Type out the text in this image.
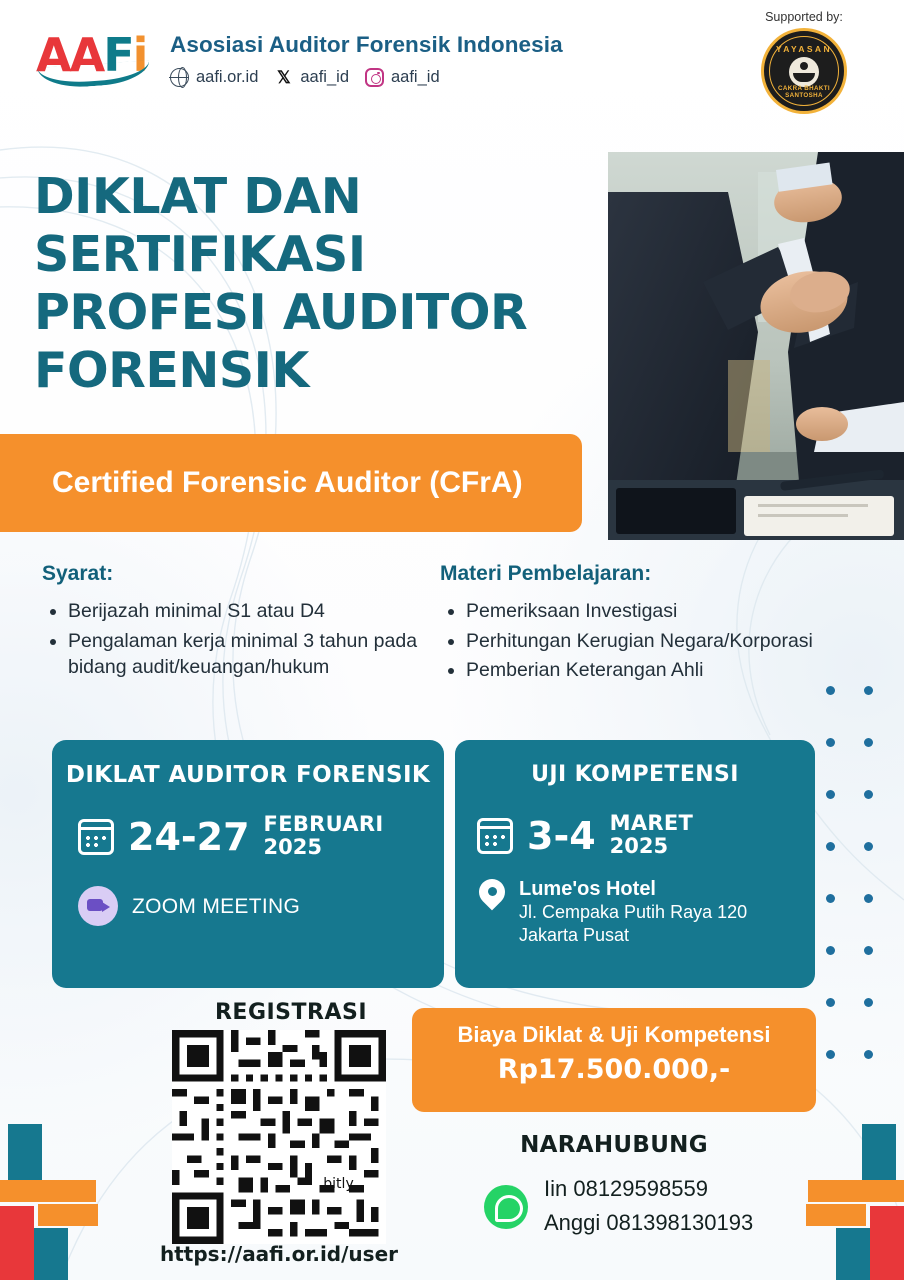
AAFi	Asosiasi Auditor Forensik Indonesia
aafi.or.id 𝕏 aafi_id	aafi_id
Supported by:
YAYASAN
CAKRA BHAKTI SANTOSHA
DIKLAT DAN SERTIFIKASI
PROFESI AUDITOR
FORENSIK
Certified Forensic Auditor (CFrA)
Syarat:
Berijazah minimal S1 atau D4
Pengalaman kerja minimal 3 tahun pada bidang audit/keuangan/hukum
Materi Pembelajaran:
Pemeriksaan Investigasi
Perhitungan Kerugian Negara/Korporasi
Pemberian Keterangan Ahli
DIKLAT AUDITOR FORENSIK
24-27 FEBRUARI
2025
ZOOM MEETING
UJI KOMPETENSI
3-4 MARET
2025
Lume'os Hotel
Jl. Cempaka Putih Raya 120
Jakarta Pusat
REGISTRASI
bitly
https://aafi.or.id/user
Biaya Diklat & Uji Kompetensi
Rp17.500.000,-
NARAHUBUNG
Iin 08129598559
Anggi 081398130193
